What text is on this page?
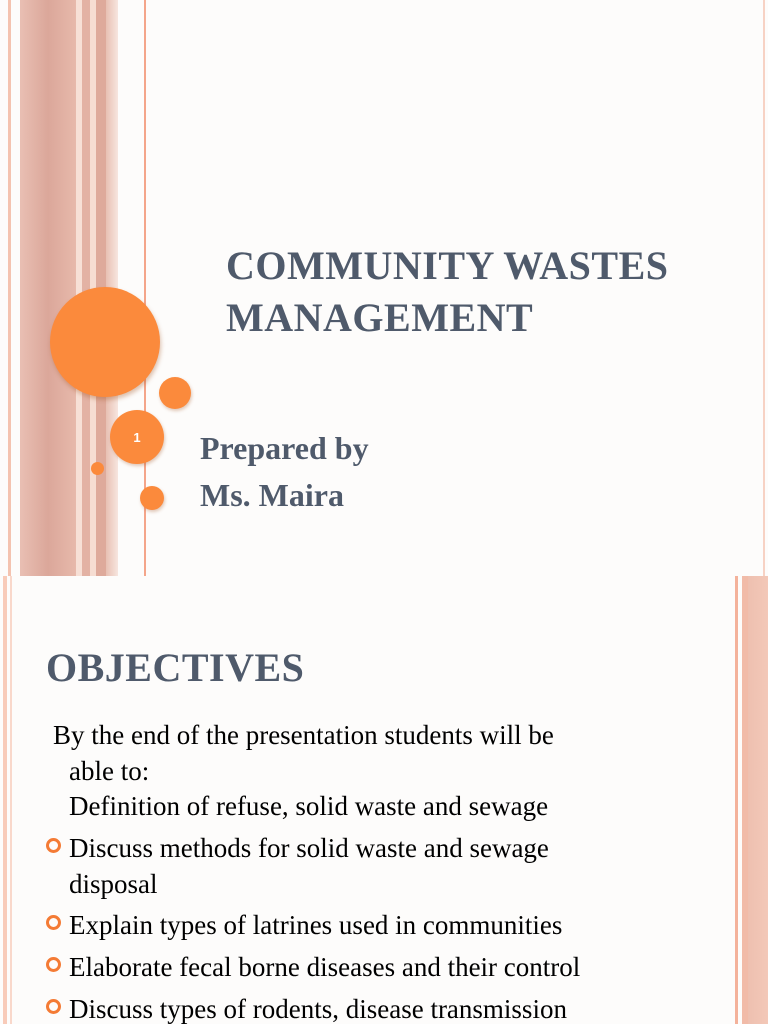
1
COMMUNITY WASTES
MANAGEMENT
Prepared by
Ms. Maira
OBJECTIVES
By the end of the presentation students will be
able to:
Definition of refuse, solid waste and sewage
Discuss methods for solid waste and sewage
disposal
Explain types of latrines used in communities
Elaborate fecal borne diseases and their control
Discuss types of rodents, disease transmission
